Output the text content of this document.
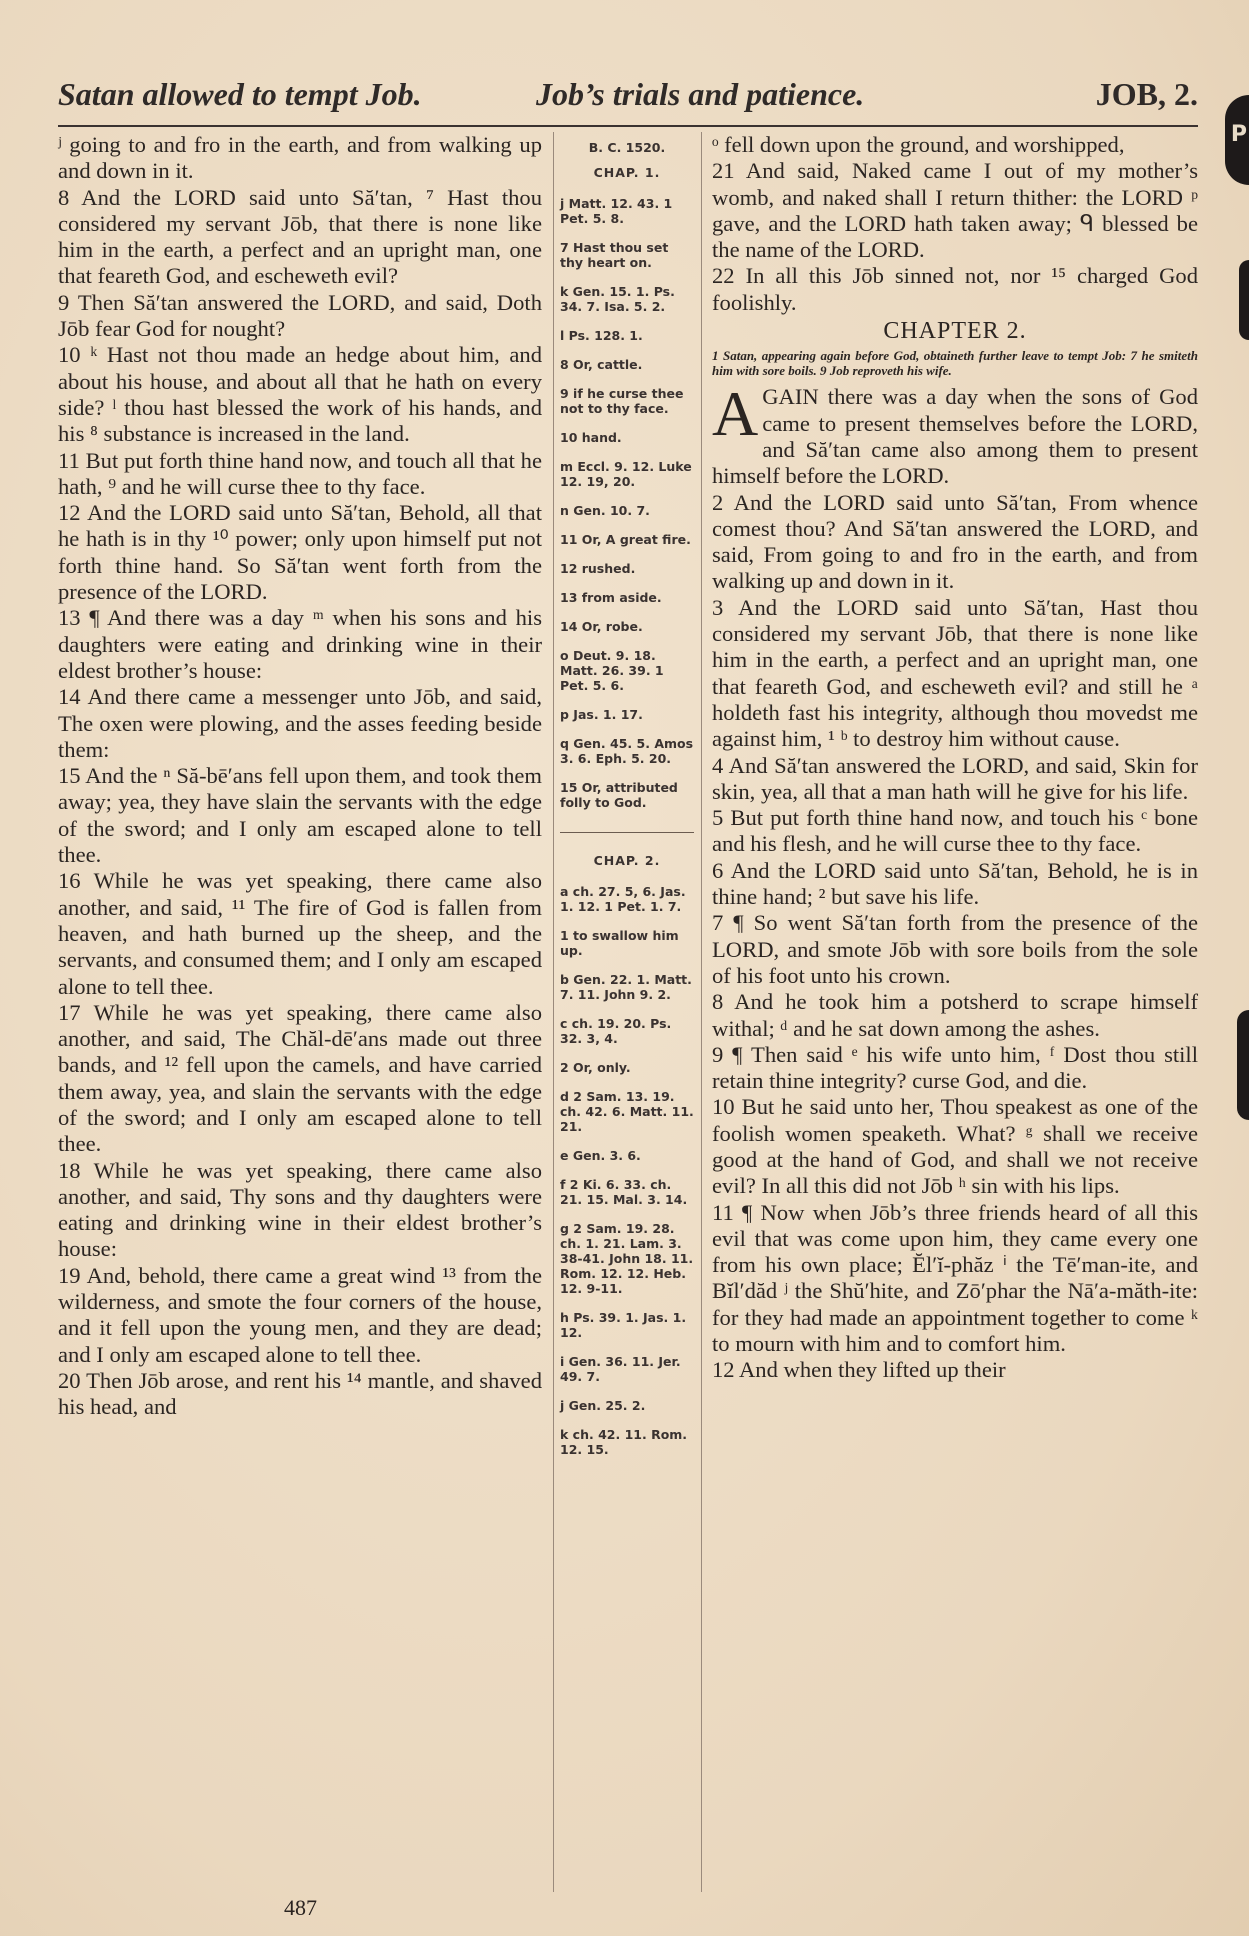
P
Satan allowed to tempt Job.	Job’s trials and patience.	JOB, 2.

ʲ going to and fro in the earth, and from walking up and down in it.

8 And the LORD said unto Să′tan, ⁷ Hast thou considered my servant Jōb, that there is none like him in the earth, a perfect and an upright man, one that feareth God, and escheweth evil?

9 Then Să′tan answered the LORD, and said, Doth Jōb fear God for nought?

10 ᵏ Hast not thou made an hedge about him, and about his house, and about all that he hath on every side? ˡ thou hast blessed the work of his hands, and his ⁸ substance is increased in the land.

11 But put forth thine hand now, and touch all that he hath, ⁹ and he will curse thee to thy face.

12 And the LORD said unto Să′tan, Behold, all that he hath is in thy ¹⁰ power; only upon himself put not forth thine hand. So Să′tan went forth from the presence of the LORD.

13 ¶ And there was a day ᵐ when his sons and his daughters were eating and drinking wine in their eldest brother’s house:

14 And there came a messenger unto Jōb, and said, The oxen were plowing, and the asses feeding beside them:

15 And the ⁿ Să-bē′ans fell upon them, and took them away; yea, they have slain the servants with the edge of the sword; and I only am escaped alone to tell thee.

16 While he was yet speaking, there came also another, and said, ¹¹ The fire of God is fallen from heaven, and hath burned up the sheep, and the servants, and consumed them; and I only am escaped alone to tell thee.

17 While he was yet speaking, there came also another, and said, The Chăl-dē′ans made out three bands, and ¹² fell upon the camels, and have carried them away, yea, and slain the servants with the edge of the sword; and I only am escaped alone to tell thee.

18 While he was yet speaking, there came also another, and said, Thy sons and thy daughters were eating and drinking wine in their eldest brother’s house:

19 And, behold, there came a great wind ¹³ from the wilderness, and smote the four corners of the house, and it fell upon the young men, and they are dead; and I only am escaped alone to tell thee.

20 Then Jōb arose, and rent his ¹⁴ mantle, and shaved his head, and

B. C. 1520.
CHAP. 1.
j Matt. 12. 43. 1 Pet. 5. 8.
7 Hast thou set thy heart on.
k Gen. 15. 1. Ps. 34. 7. Isa. 5. 2.
l Ps. 128. 1.
8 Or, cattle.
9 if he curse thee not to thy face.
10 hand.
m Eccl. 9. 12. Luke 12. 19, 20.
n Gen. 10. 7.
11 Or, A great fire.
12 rushed.
13 from aside.
14 Or, robe.
o Deut. 9. 18. Matt. 26. 39. 1 Pet. 5. 6.
p Jas. 1. 17.
q Gen. 45. 5. Amos 3. 6. Eph. 5. 20.
15 Or, attributed folly to God.
CHAP. 2.
a ch. 27. 5, 6. Jas. 1. 12. 1 Pet. 1. 7.
1 to swallow him up.
b Gen. 22. 1. Matt. 7. 11. John 9. 2.
c ch. 19. 20. Ps. 32. 3, 4.
2 Or, only.
d 2 Sam. 13. 19. ch. 42. 6. Matt. 11. 21.
e Gen. 3. 6.
f 2 Ki. 6. 33. ch. 21. 15. Mal. 3. 14.
g 2 Sam. 19. 28. ch. 1. 21. Lam. 3. 38-41. John 18. 11. Rom. 12. 12. Heb. 12. 9-11.
h Ps. 39. 1. Jas. 1. 12.
i Gen. 36. 11. Jer. 49. 7.
j Gen. 25. 2.
k ch. 42. 11. Rom. 12. 15.

ᵒ fell down upon the ground, and worshipped,

21 And said, Naked came I out of my mother’s womb, and naked shall I return thither: the LORD ᵖ gave, and the LORD hath taken away; ᑫ blessed be the name of the LORD.

22 In all this Jōb sinned not, nor ¹⁵ charged God foolishly.

CHAPTER 2.
1 Satan, appearing again before God, obtaineth further leave to tempt Job: 7 he smiteth him with sore boils. 9 Job reproveth his wife.

AGAIN there was a day when the sons of God came to present themselves before the LORD, and Să′tan came also among them to present himself before the LORD.

2 And the LORD said unto Să′tan, From whence comest thou? And Să′tan answered the LORD, and said, From going to and fro in the earth, and from walking up and down in it.

3 And the LORD said unto Să′tan, Hast thou considered my servant Jōb, that there is none like him in the earth, a perfect and an upright man, one that feareth God, and escheweth evil? and still he ᵃ holdeth fast his integrity, although thou movedst me against him, ¹ ᵇ to destroy him without cause.

4 And Să′tan answered the LORD, and said, Skin for skin, yea, all that a man hath will he give for his life.

5 But put forth thine hand now, and touch his ᶜ bone and his flesh, and he will curse thee to thy face.

6 And the LORD said unto Să′tan, Behold, he is in thine hand; ² but save his life.

7 ¶ So went Să′tan forth from the presence of the LORD, and smote Jōb with sore boils from the sole of his foot unto his crown.

8 And he took him a potsherd to scrape himself withal; ᵈ and he sat down among the ashes.

9 ¶ Then said ᵉ his wife unto him, ᶠ Dost thou still retain thine integrity? curse God, and die.

10 But he said unto her, Thou speakest as one of the foolish women speaketh. What? ᵍ shall we receive good at the hand of God, and shall we not receive evil? In all this did not Jōb ʰ sin with his lips.

11 ¶ Now when Jōb’s three friends heard of all this evil that was come upon him, they came every one from his own place; Ĕl′ĭ-phăz ⁱ the Tē′man-ite, and Bĭl′dăd ʲ the Shŭ′hite, and Zō′phar the Nā′a-măth-ite: for they had made an appointment together to come ᵏ to mourn with him and to comfort him.

12 And when they lifted up their

487
